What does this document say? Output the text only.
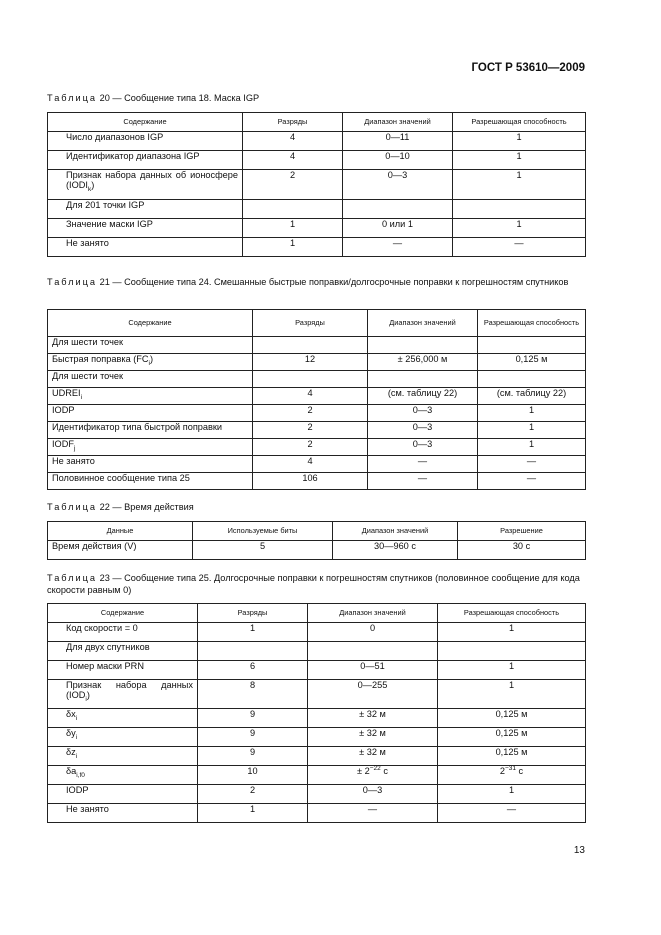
ГОСТ Р 53610—2009
Таблица 20 — Сообщение типа 18. Маска IGP
Содержание	Разряды	Диапазон значений	Разрешающая способность
Число диапазонов IGP	4	0—11	1
Идентификатор диапазона IGP	4	0—10	1
Признак набора данных об ионосфере $(IODI_k)$	2	0—3	1
Для 201 точки IGP			
Значение маски IGP	1	0 или 1	1
Не занято	1	—	—
Таблица 21 — Сообщение типа 24. Смешанные быстрые поправки/долгосрочные поправки к погрешностям спутников
Содержание	Разряды	Диапазон значений	Разрешающая способность
Для шести точек			
Быстрая поправка $(FC_i)$	12	± 256,000 м	0,125 м
Для шести точек			
$UDREI_i$	4	(см. таблицу 22)	(см. таблицу 22)
IODP	2	0—3	1
Идентификатор типа быстрой поправки	2	0—3	1
$IODF_j$	2	0—3	1
Не занято	4	—	—
Половинное сообщение типа 25	106	—	—
Таблица 22 — Время действия
Данные	Используемые биты	Диапазон значений	Разрешение
Время действия (V)	5	30—960 с	30 с
Таблица 23 — Сообщение типа 25. Долгосрочные поправки к погрешностям спутников (половинное сообщение для кода скорости равным 0)
Содержание	Разряды	Диапазон значений	Разрешающая способность
Код скорости = 0	1	0	1
Для двух спутников			
Номер маски PRN	6	0—51	1
Признак набора данных $(IOD_i)$	8	0—255	1
$\delta x_i$	9	± 32 м	0,125 м
$\delta y_i$	9	± 32 м	0,125 м
$\delta z_i$	9	± 32 м	0,125 м
$\delta a_{i,f0}$	10	± $2^{-22}$ с	$2^{-31}$ с
IODP	2	0—3	1
Не занято	1	—	—
13
